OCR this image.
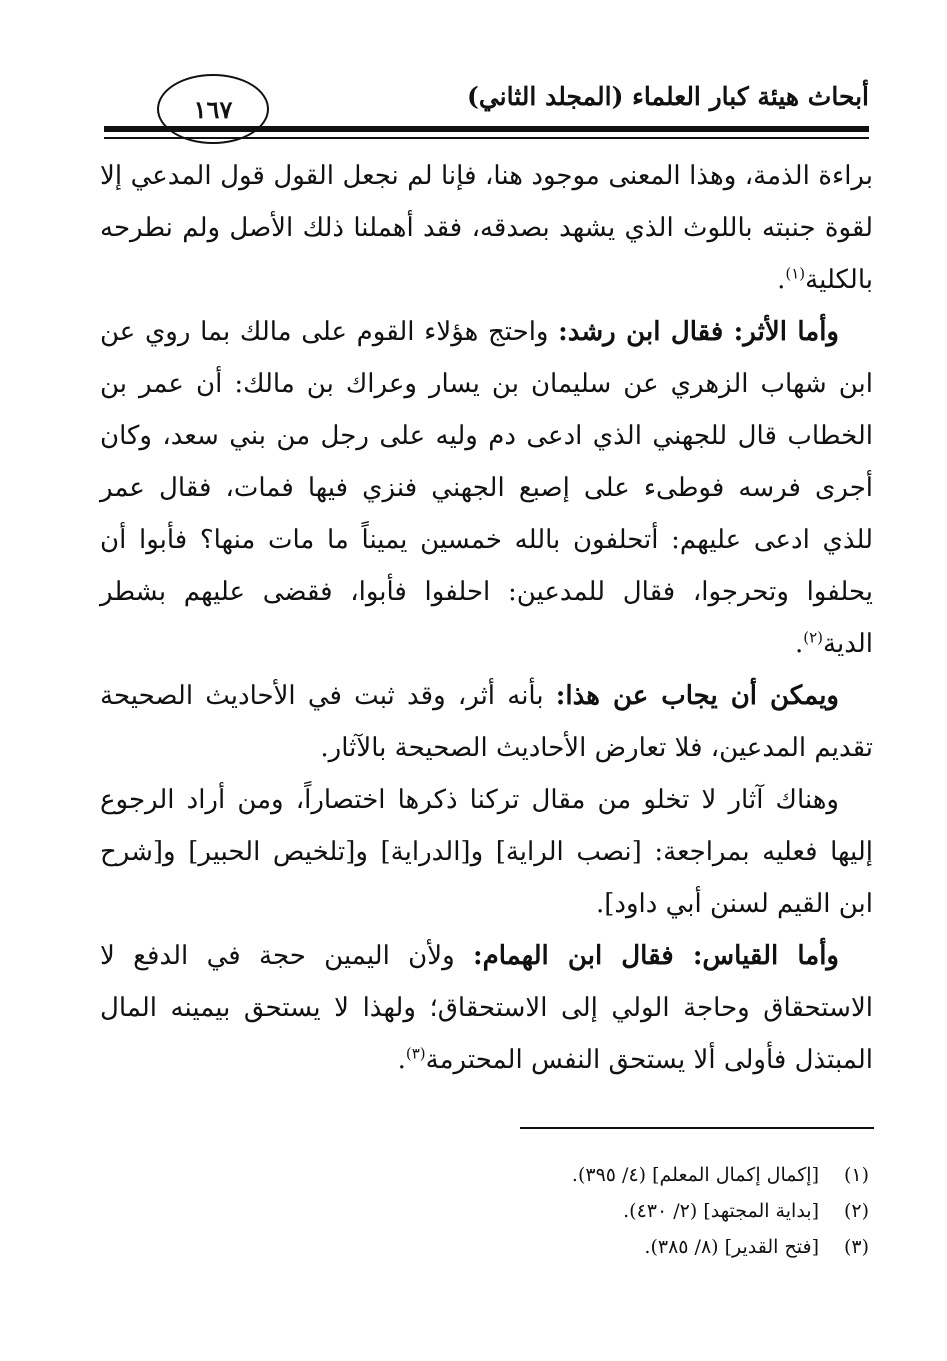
أبحاث هيئة كبار العلماء (المجلد الثاني)
١٦٧

براءة الذمة، وهذا المعنى موجود هنا، فإنا لم نجعل القول قول المدعي إلا لقوة جنبته باللوث الذي يشهد بصدقه، فقد أهملنا ذلك الأصل ولم نطرحه بالكلية$^{(١)}$.

وأما الأثر: فقال ابن رشد: واحتج هؤلاء القوم على مالك بما روي عن ابن شهاب الزهري عن سليمان بن يسار وعراك بن مالك: أن عمر بن الخطاب قال للجهني الذي ادعى دم وليه على رجل من بني سعد، وكان أجرى فرسه فوطىء على إصبع الجهني فنزي فيها فمات، فقال عمر للذي ادعى عليهم: أتحلفون بالله خمسين يميناً ما مات منها؟ فأبوا أن يحلفوا وتحرجوا، فقال للمدعين: احلفوا فأبوا، فقضى عليهم بشطر الدية$^{(٢)}$.

ويمكن أن يجاب عن هذا: بأنه أثر، وقد ثبت في الأحاديث الصحيحة تقديم المدعين، فلا تعارض الأحاديث الصحيحة بالآثار.

وهناك آثار لا تخلو من مقال تركنا ذكرها اختصاراً، ومن أراد الرجوع إليها فعليه بمراجعة: [نصب الراية] و[الدراية] و[تلخيص الحبير] و[شرح ابن القيم لسنن أبي داود].

وأما القياس: فقال ابن الهمام: ولأن اليمين حجة في الدفع لا الاستحقاق وحاجة الولي إلى الاستحقاق؛ ولهذا لا يستحق بيمينه المال المبتذل فأولى ألا يستحق النفس المحترمة$^{(٣)}$.

(١)
[إكمال إكمال المعلم] (٤/ ٣٩٥).
(٢)
[بداية المجتهد] (٢/ ٤٣٠).
(٣)
[فتح القدير] (٨/ ٣٨٥).
